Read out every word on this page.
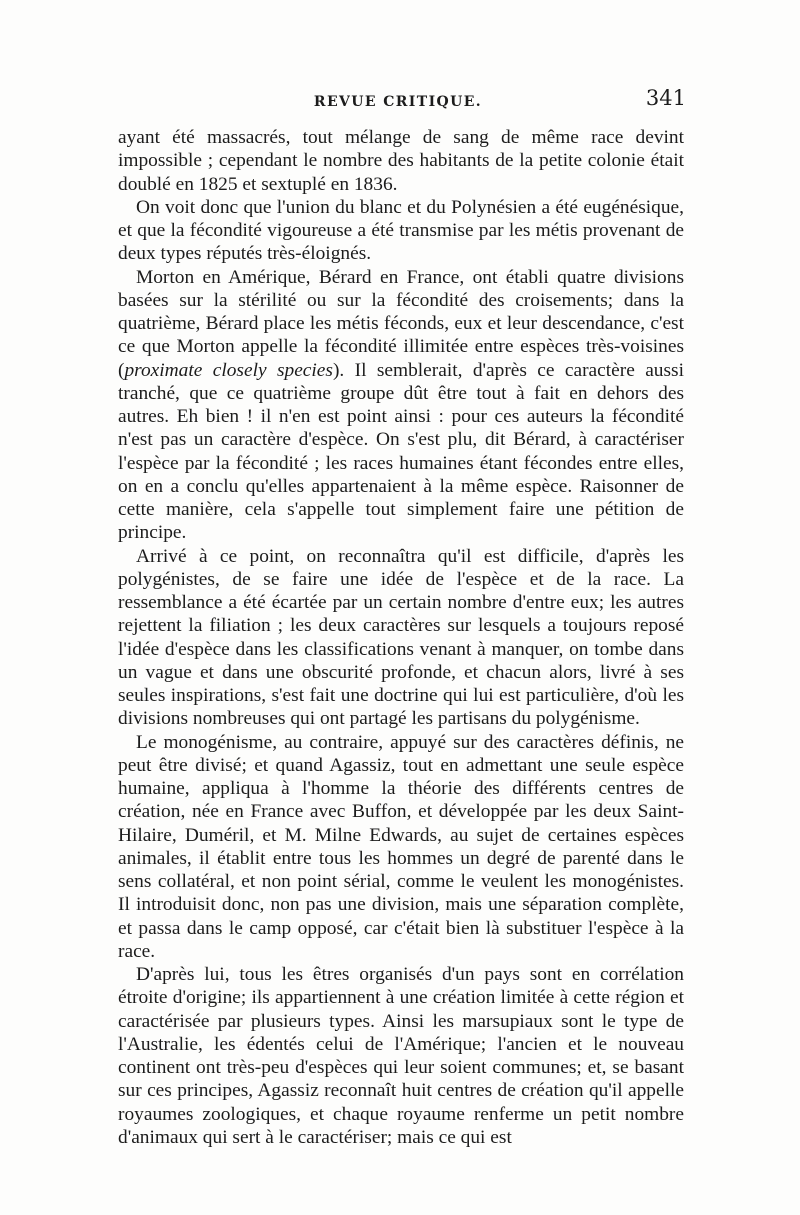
REVUE CRITIQUE.	341

ayant été massacrés, tout mélange de sang de même race devint impossible ; cependant le nombre des habitants de la petite colonie était doublé en 1825 et sextuplé en 1836.

On voit donc que l'union du blanc et du Polynésien a été eugénésique, et que la fécondité vigoureuse a été transmise par les métis provenant de deux types réputés très-éloignés.

Morton en Amérique, Bérard en France, ont établi quatre divisions basées sur la stérilité ou sur la fécondité des croisements; dans la quatrième, Bérard place les métis féconds, eux et leur descendance, c'est ce que Morton appelle la fécondité illimitée entre espèces très-voisines (proximate closely species). Il semblerait, d'après ce caractère aussi tranché, que ce quatrième groupe dût être tout à fait en dehors des autres. Eh bien ! il n'en est point ainsi : pour ces auteurs la fécondité n'est pas un caractère d'espèce. On s'est plu, dit Bérard, à caractériser l'espèce par la fécondité ; les races humaines étant fécondes entre elles, on en a conclu qu'elles appartenaient à la même espèce. Raisonner de cette manière, cela s'appelle tout simplement faire une pétition de principe.

Arrivé à ce point, on reconnaîtra qu'il est difficile, d'après les polygénistes, de se faire une idée de l'espèce et de la race. La ressemblance a été écartée par un certain nombre d'entre eux; les autres rejettent la filiation ; les deux caractères sur lesquels a toujours reposé l'idée d'espèce dans les classifications venant à manquer, on tombe dans un vague et dans une obscurité profonde, et chacun alors, livré à ses seules inspirations, s'est fait une doctrine qui lui est particulière, d'où les divisions nombreuses qui ont partagé les partisans du polygénisme.

Le monogénisme, au contraire, appuyé sur des caractères définis, ne peut être divisé; et quand Agassiz, tout en admettant une seule espèce humaine, appliqua à l'homme la théorie des différents centres de création, née en France avec Buffon, et développée par les deux Saint-Hilaire, Duméril, et M. Milne Edwards, au sujet de certaines espèces animales, il établit entre tous les hommes un degré de parenté dans le sens collatéral, et non point sérial, comme le veulent les monogénistes. Il introduisit donc, non pas une division, mais une séparation complète, et passa dans le camp opposé, car c'était bien là substituer l'espèce à la race.

D'après lui, tous les êtres organisés d'un pays sont en corrélation étroite d'origine; ils appartiennent à une création limitée à cette région et caractérisée par plusieurs types. Ainsi les marsupiaux sont le type de l'Australie, les édentés celui de l'Amérique; l'ancien et le nouveau continent ont très-peu d'espèces qui leur soient communes; et, se basant sur ces principes, Agassiz reconnaît huit centres de création qu'il appelle royaumes zoologiques, et chaque royaume renferme un petit nombre d'animaux qui sert à le caractériser; mais ce qui est
